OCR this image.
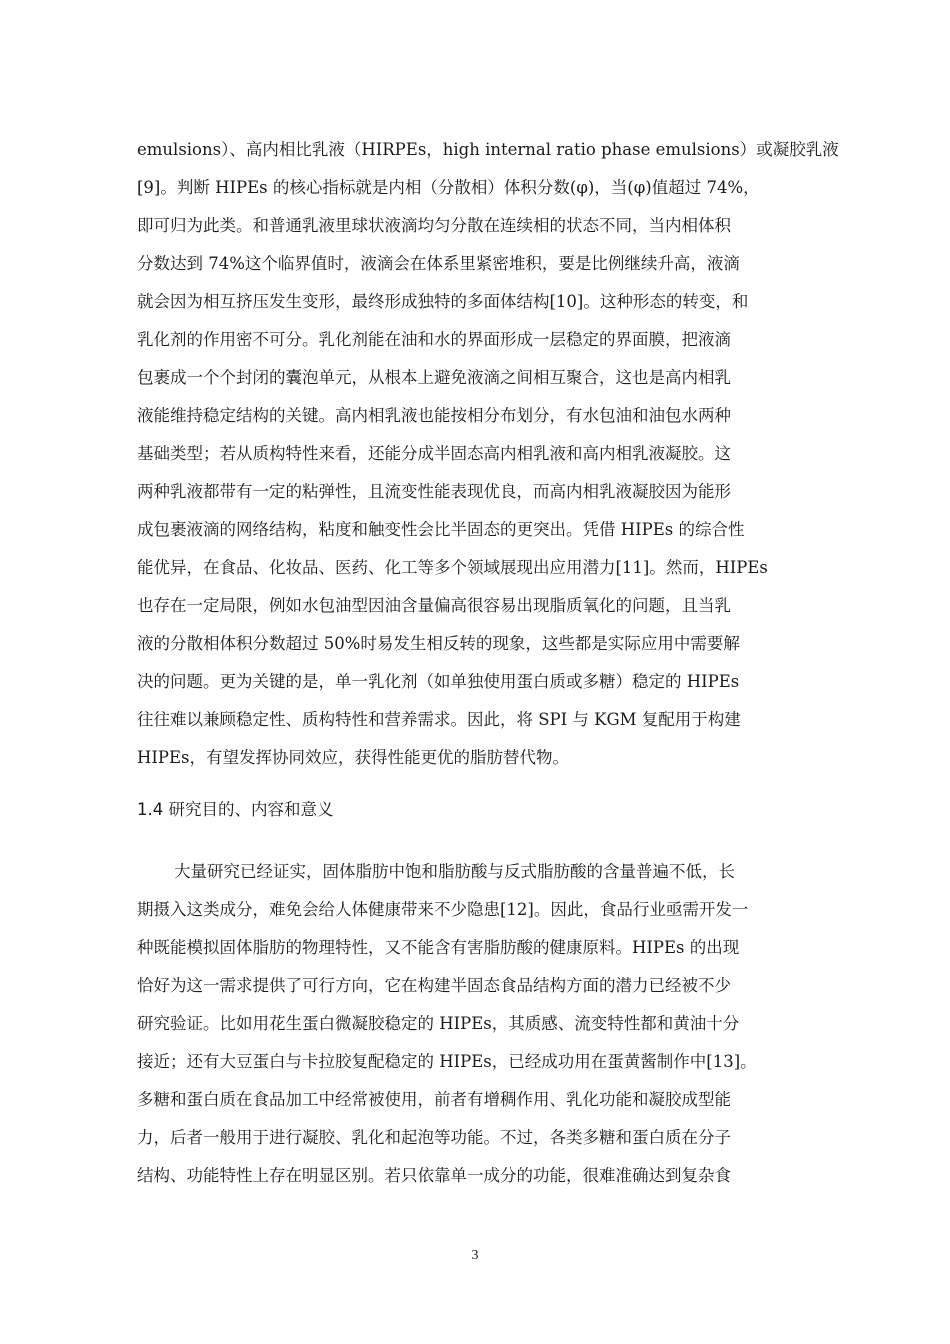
emulsions）、高内相比乳液（HIRPEs，high internal ratio phase emulsions）或凝胶乳液
[9]。判断 HIPEs 的核心指标就是内相（分散相）体积分数(φ)，当(φ)值超过 74%，
即可归为此类。和普通乳液里球状液滴均匀分散在连续相的状态不同，当内相体积
分数达到 74%这个临界值时，液滴会在体系里紧密堆积，要是比例继续升高，液滴
就会因为相互挤压发生变形，最终形成独特的多面体结构[10]。这种形态的转变，和
乳化剂的作用密不可分。乳化剂能在油和水的界面形成一层稳定的界面膜，把液滴
包裹成一个个封闭的囊泡单元，从根本上避免液滴之间相互聚合，这也是高内相乳
液能维持稳定结构的关键。高内相乳液也能按相分布划分，有水包油和油包水两种
基础类型；若从质构特性来看，还能分成半固态高内相乳液和高内相乳液凝胶。这
两种乳液都带有一定的粘弹性，且流变性能表现优良，而高内相乳液凝胶因为能形
成包裹液滴的网络结构，粘度和触变性会比半固态的更突出。凭借 HIPEs 的综合性
能优异，在食品、化妆品、医药、化工等多个领域展现出应用潜力[11]。然而，HIPEs
也存在一定局限，例如水包油型因油含量偏高很容易出现脂质氧化的问题，且当乳
液的分散相体积分数超过 50%时易发生相反转的现象，这些都是实际应用中需要解
决的问题。更为关键的是，单一乳化剂（如单独使用蛋白质或多糖）稳定的 HIPEs
往往难以兼顾稳定性、质构特性和营养需求。因此，将 SPI 与 KGM 复配用于构建
HIPEs，有望发挥协同效应，获得性能更优的脂肪替代物。
1.4 研究目的、内容和意义
大量研究已经证实，固体脂肪中饱和脂肪酸与反式脂肪酸的含量普遍不低，长
期摄入这类成分，难免会给人体健康带来不少隐患[12]。因此，食品行业亟需开发一
种既能模拟固体脂肪的物理特性，又不能含有害脂肪酸的健康原料。HIPEs 的出现
恰好为这一需求提供了可行方向，它在构建半固态食品结构方面的潜力已经被不少
研究验证。比如用花生蛋白微凝胶稳定的 HIPEs，其质感、流变特性都和黄油十分
接近；还有大豆蛋白与卡拉胶复配稳定的 HIPEs，已经成功用在蛋黄酱制作中[13]。
多糖和蛋白质在食品加工中经常被使用，前者有增稠作用、乳化功能和凝胶成型能
力，后者一般用于进行凝胶、乳化和起泡等功能。不过，各类多糖和蛋白质在分子
结构、功能特性上存在明显区别。若只依靠单一成分的功能，很难准确达到复杂食
3
